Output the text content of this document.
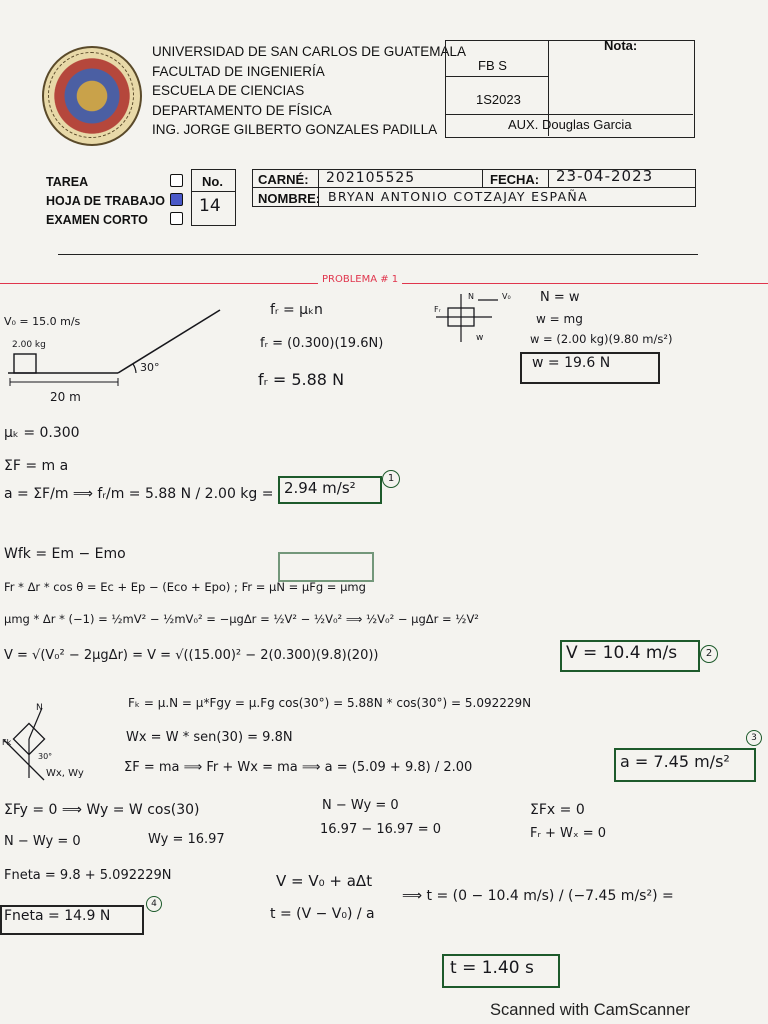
UNIVERSIDAD DE SAN CARLOS DE GUATEMALA
FACULTAD DE INGENIERÍA
ESCUELA DE CIENCIAS
DEPARTAMENTO DE FÍSICA
ING. JORGE GILBERTO GONZALES PADILLA
Nota:
FB S
1S2023
AUX. Douglas Garcia
TAREA
HOJA DE TRABAJO
EXAMEN CORTO
No.
14
CARNÉ: 202105525	FECHA: 23-04-2023
NOMBRE: BRYAN ANTONIO COTZAJAY ESPAÑA
PROBLEMA # 1
V₀ = 15.0 m/s
2.00 kg
30°
20 m
fᵣ = μₖn
fᵣ = (0.300)(19.6N)
fᵣ = 5.88 N
N	V₀
Fᵣ
w
N = w
w = mg
w = (2.00 kg)(9.80 m/s²)
w = 19.6 N
μₖ = 0.300
ΣF = m a
a = ΣF/m ⟹ fᵣ/m = 5.88 N / 2.00 kg = 2.94 m/s²
1
Wfk = Em − Emo
Fr * Δr * cos θ = Ec + Ep − (Eco + Epo) ; Fr = μN = μFg = μmg
μmg * Δr * (−1) = ½mV² − ½mV₀² = −μgΔr = ½V² − ½V₀² ⟹ ½V₀² − μgΔr = ½V²
V = √(V₀² − 2μgΔr) = V = √((15.00)² − 2(0.300)(9.8)(20))	V = 10.4 m/s	2
N
Fk
30°
Wx, Wy
Fₖ = μ.N = μ*Fgy = μ.Fg cos(30°) = 5.88N * cos(30°) = 5.092229N
Wx = W * sen(30) = 9.8N
ΣF = ma ⟹ Fr + Wx = ma ⟹ a = (5.09 + 9.8) / 2.00	a = 7.45 m/s²
3
ΣFy = 0 ⟹ Wy = W cos(30)
N − Wy = 0	Wy = 16.97
N − Wy = 0
16.97 − 16.97 = 0
ΣFx = 0
Fᵣ + Wₓ = 0
Fneta = 9.8 + 5.092229N
Fneta = 14.9 N
4
V = V₀ + aΔt
t = (V − V₀) / a
⟹ t = (0 − 10.4 m/s) / (−7.45 m/s²) =
t = 1.40 s
Scanned with CamScanner
